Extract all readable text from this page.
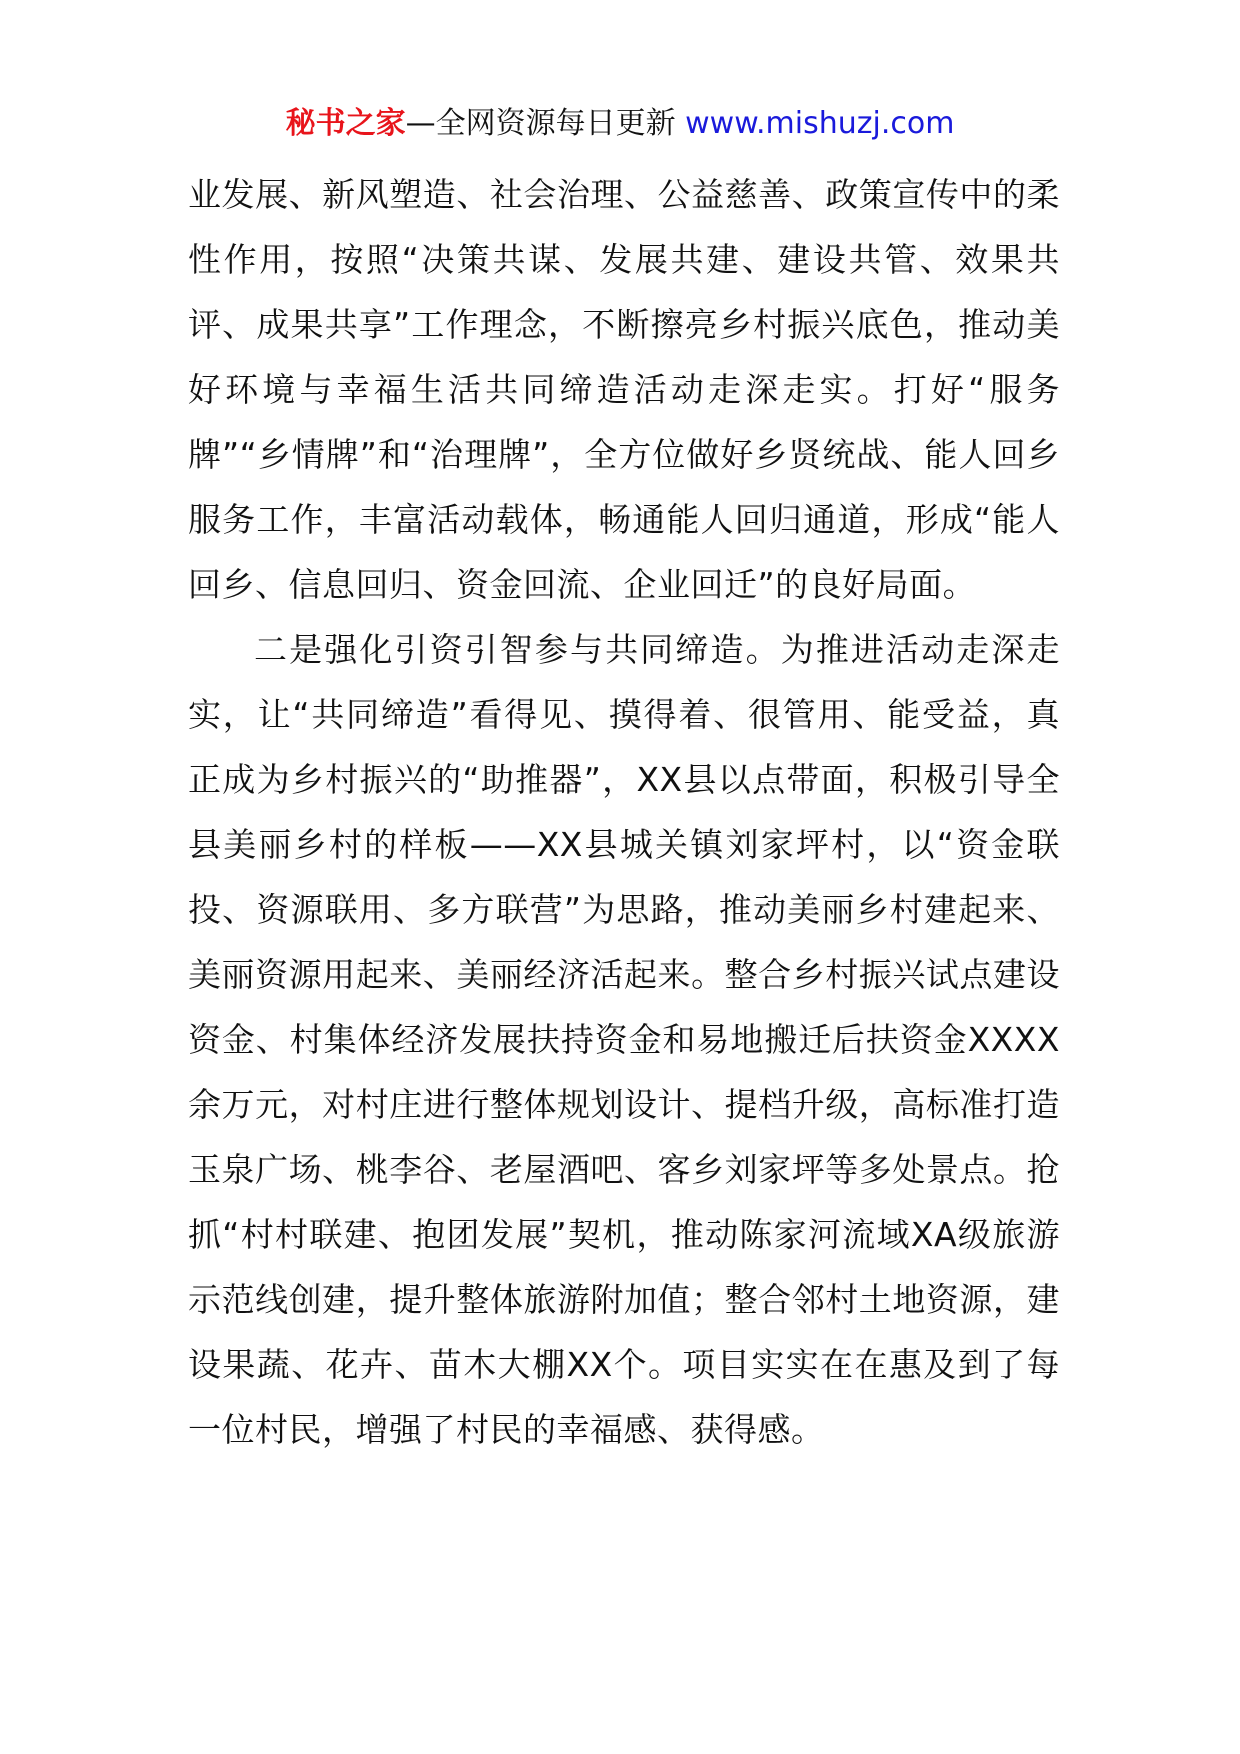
秘书之家—全网资源每日更新 www.mishuzj.com

业发展、新风塑造、社会治理、公益慈善、政策宣传中的柔性作用，按照“决策共谋、发展共建、建设共管、效果共评、成果共享”工作理念，不断擦亮乡村振兴底色，推动美好环境与幸福生活共同缔造活动走深走实。打好“服务牌”“乡情牌”和“治理牌”，全方位做好乡贤统战、能人回乡服务工作，丰富活动载体，畅通能人回归通道，形成“能人回乡、信息回归、资金回流、企业回迁”的良好局面。

二是强化引资引智参与共同缔造。为推进活动走深走实，让“共同缔造”看得见、摸得着、很管用、能受益，真正成为乡村振兴的“助推器”，XX县以点带面，积极引导全县美丽乡村的样板——XX县城关镇刘家坪村，以“资金联投、资源联用、多方联营”为思路，推动美丽乡村建起来、美丽资源用起来、美丽经济活起来。整合乡村振兴试点建设资金、村集体经济发展扶持资金和易地搬迁后扶资金XXXX余万元，对村庄进行整体规划设计、提档升级，高标准打造玉泉广场、桃李谷、老屋酒吧、客乡刘家坪等多处景点。抢抓“村村联建、抱团发展”契机，推动陈家河流域XA级旅游示范线创建，提升整体旅游附加值；整合邻村土地资源，建设果蔬、花卉、苗木大棚XX个。项目实实在在惠及到了每一位村民，增强了村民的幸福感、获得感。
